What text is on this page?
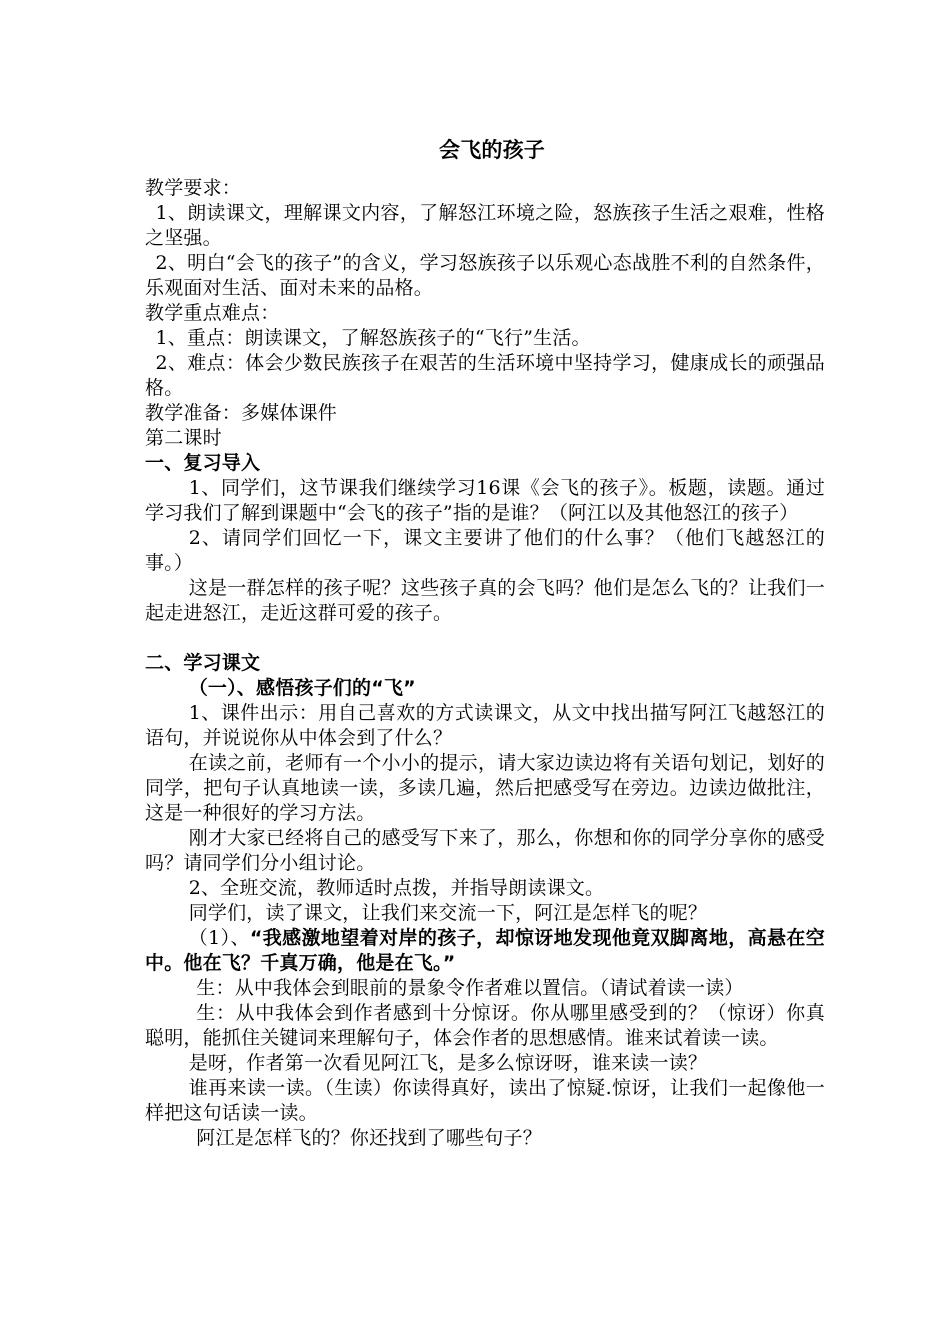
会飞的孩子

教学要求：

1、朗读课文，理解课文内容，了解怒江环境之险，怒族孩子生活之艰难，性格之坚强。

2、明白“会飞的孩子”的含义，学习怒族孩子以乐观心态战胜不利的自然条件，乐观面对生活、面对未来的品格。

教学重点难点：

1、重点：朗读课文，了解怒族孩子的“飞行”生活。

2、难点：体会少数民族孩子在艰苦的生活环境中坚持学习，健康成长的顽强品格。

教学准备：多媒体课件

第二课时

一、复习导入

1、同学们，这节课我们继续学习16课《会飞的孩子》。板题，读题。通过学习我们了解到课题中“会飞的孩子”指的是谁？（阿江以及其他怒江的孩子）

2、请同学们回忆一下，课文主要讲了他们的什么事？（他们飞越怒江的事。）

这是一群怎样的孩子呢？这些孩子真的会飞吗？他们是怎么飞的？让我们一起走进怒江，走近这群可爱的孩子。

二、学习课文

（一）、感悟孩子们的“飞”

1、课件出示：用自己喜欢的方式读课文，从文中找出描写阿江飞越怒江的语句，并说说你从中体会到了什么？

在读之前，老师有一个小小的提示，请大家边读边将有关语句划记，划好的同学，把句子认真地读一读，多读几遍，然后把感受写在旁边。边读边做批注，这是一种很好的学习方法。

刚才大家已经将自己的感受写下来了，那么，你想和你的同学分享你的感受吗？请同学们分小组讨论。

2、全班交流，教师适时点拨，并指导朗读课文。

同学们，读了课文，让我们来交流一下，阿江是怎样飞的呢？

（1）、“我感激地望着对岸的孩子，却惊讶地发现他竟双脚离地，高悬在空中。他在飞？千真万确，他是在飞。”

生：从中我体会到眼前的景象令作者难以置信。（请试着读一读）

生：从中我体会到作者感到十分惊讶。你从哪里感受到的？（惊讶）你真聪明，能抓住关键词来理解句子，体会作者的思想感情。谁来试着读一读。

是呀，作者第一次看见阿江飞，是多么惊讶呀，谁来读一读？

谁再来读一读。（生读）你读得真好，读出了惊疑.惊讶，让我们一起像他一样把这句话读一读。

阿江是怎样飞的？你还找到了哪些句子？
